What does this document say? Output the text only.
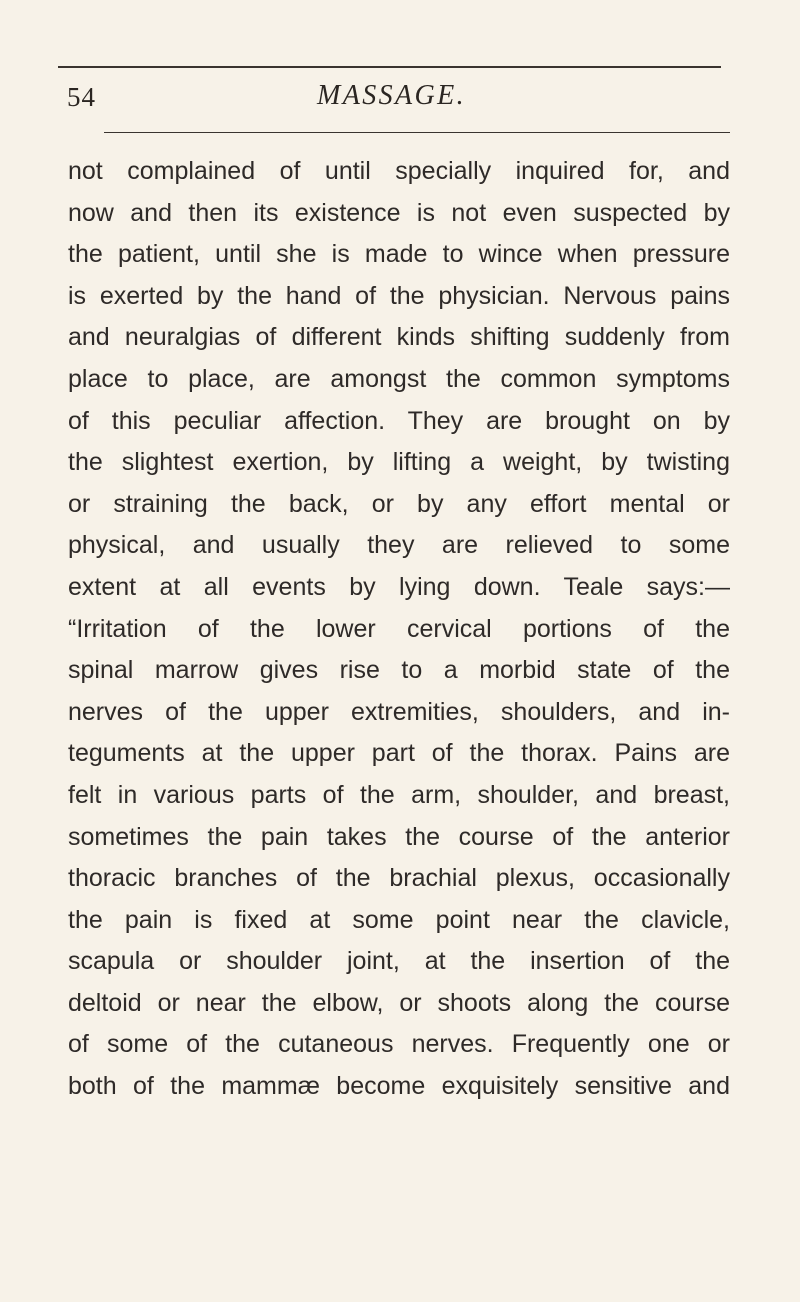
54	MASSAGE.
not complained of until specially inquired for, and
now and then its existence is not even suspected by
the patient, until she is made to wince when pressure
is exerted by the hand of the physician. Nervous pains
and neuralgias of different kinds shifting suddenly from
place to place, are amongst the common symptoms
of this peculiar affection. They are brought on by
the slightest exertion, by lifting a weight, by twisting
or straining the back, or by any effort mental or
physical, and usually they are relieved to some
extent at all events by lying down. Teale says:—
“Irritation of the lower cervical portions of the
spinal marrow gives rise to a morbid state of the
nerves of the upper extremities, shoulders, and in-
teguments at the upper part of the thorax. Pains are
felt in various parts of the arm, shoulder, and breast,
sometimes the pain takes the course of the anterior
thoracic branches of the brachial plexus, occasionally
the pain is fixed at some point near the clavicle,
scapula or shoulder joint, at the insertion of the
deltoid or near the elbow, or shoots along the course
of some of the cutaneous nerves. Frequently one or
both of the mammæ become exquisitely sensitive and
